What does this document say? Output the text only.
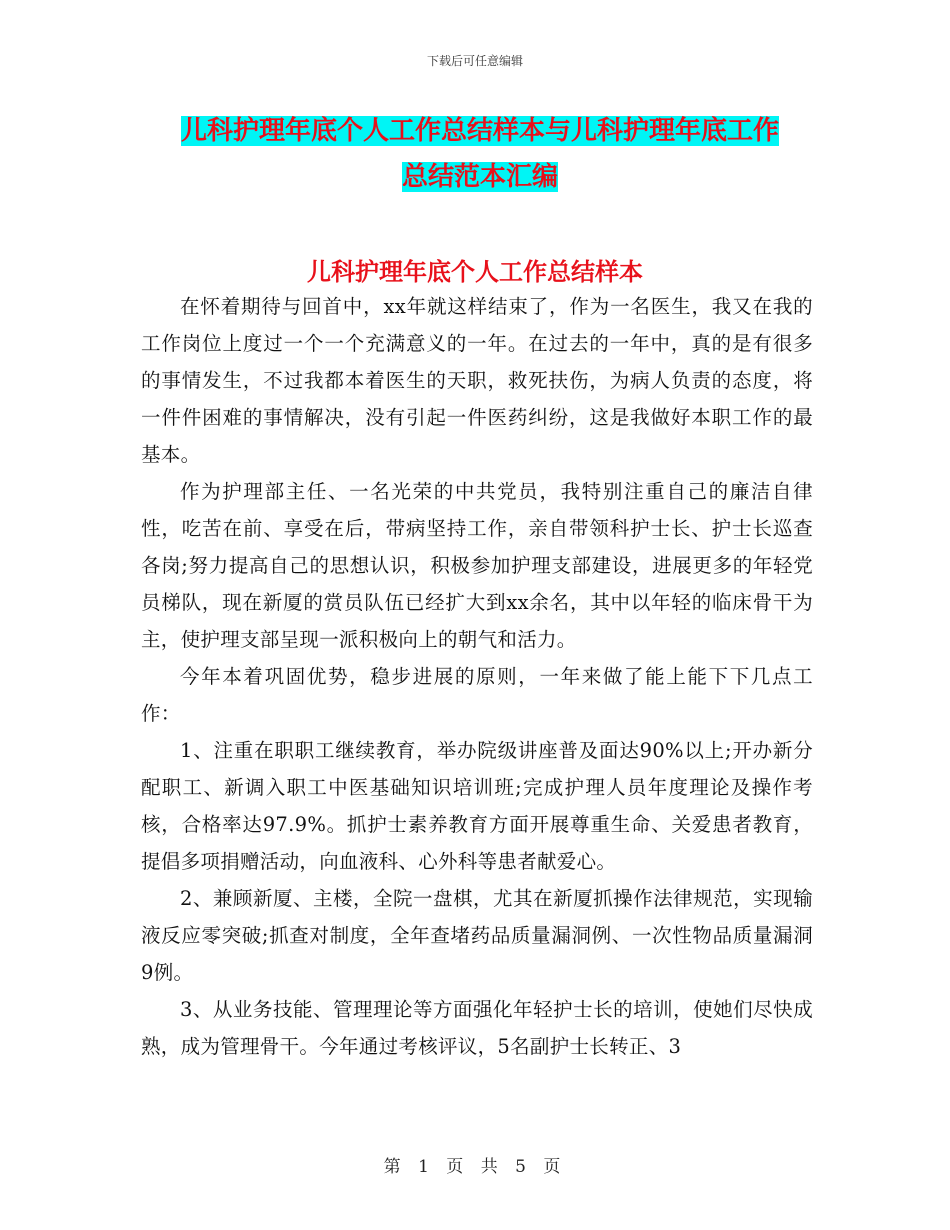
下载后可任意编辑
儿科护理年底个人工作总结样本与儿科护理年底工作
总结范本汇编
儿科护理年底个人工作总结样本

在怀着期待与回首中，xx年就这样结束了，作为一名医生，我又在我的工作岗位上度过一个一个充满意义的一年。在过去的一年中，真的是有很多的事情发生，不过我都本着医生的天职，救死扶伤，为病人负责的态度，将一件件困难的事情解决，没有引起一件医药纠纷，这是我做好本职工作的最基本。

作为护理部主任、一名光荣的中共党员，我特别注重自己的廉洁自律性，吃苦在前、享受在后，带病坚持工作，亲自带领科护士长、护士长巡查各岗;努力提高自己的思想认识，积极参加护理支部建设，进展更多的年轻党员梯队，现在新厦的赏员队伍已经扩大到xx余名，其中以年轻的临床骨干为主，使护理支部呈现一派积极向上的朝气和活力。

今年本着巩固优势，稳步进展的原则，一年来做了能上能下下几点工作：

1、注重在职职工继续教育，举办院级讲座普及面达90%以上;开办新分配职工、新调入职工中医基础知识培训班;完成护理人员年度理论及操作考核，合格率达97.9%。抓护士素养教育方面开展尊重生命、关爱患者教育，提倡多项捐赠活动，向血液科、心外科等患者献爱心。

2、兼顾新厦、主楼，全院一盘棋，尤其在新厦抓操作法律规范，实现输液反应零突破;抓查对制度，全年查堵药品质量漏洞例、一次性物品质量漏洞9例。

3、从业务技能、管理理论等方面强化年轻护士长的培训，使她们尽快成熟，成为管理骨干。今年通过考核评议，5名副护士长转正、3

第 1 页 共 5 页
